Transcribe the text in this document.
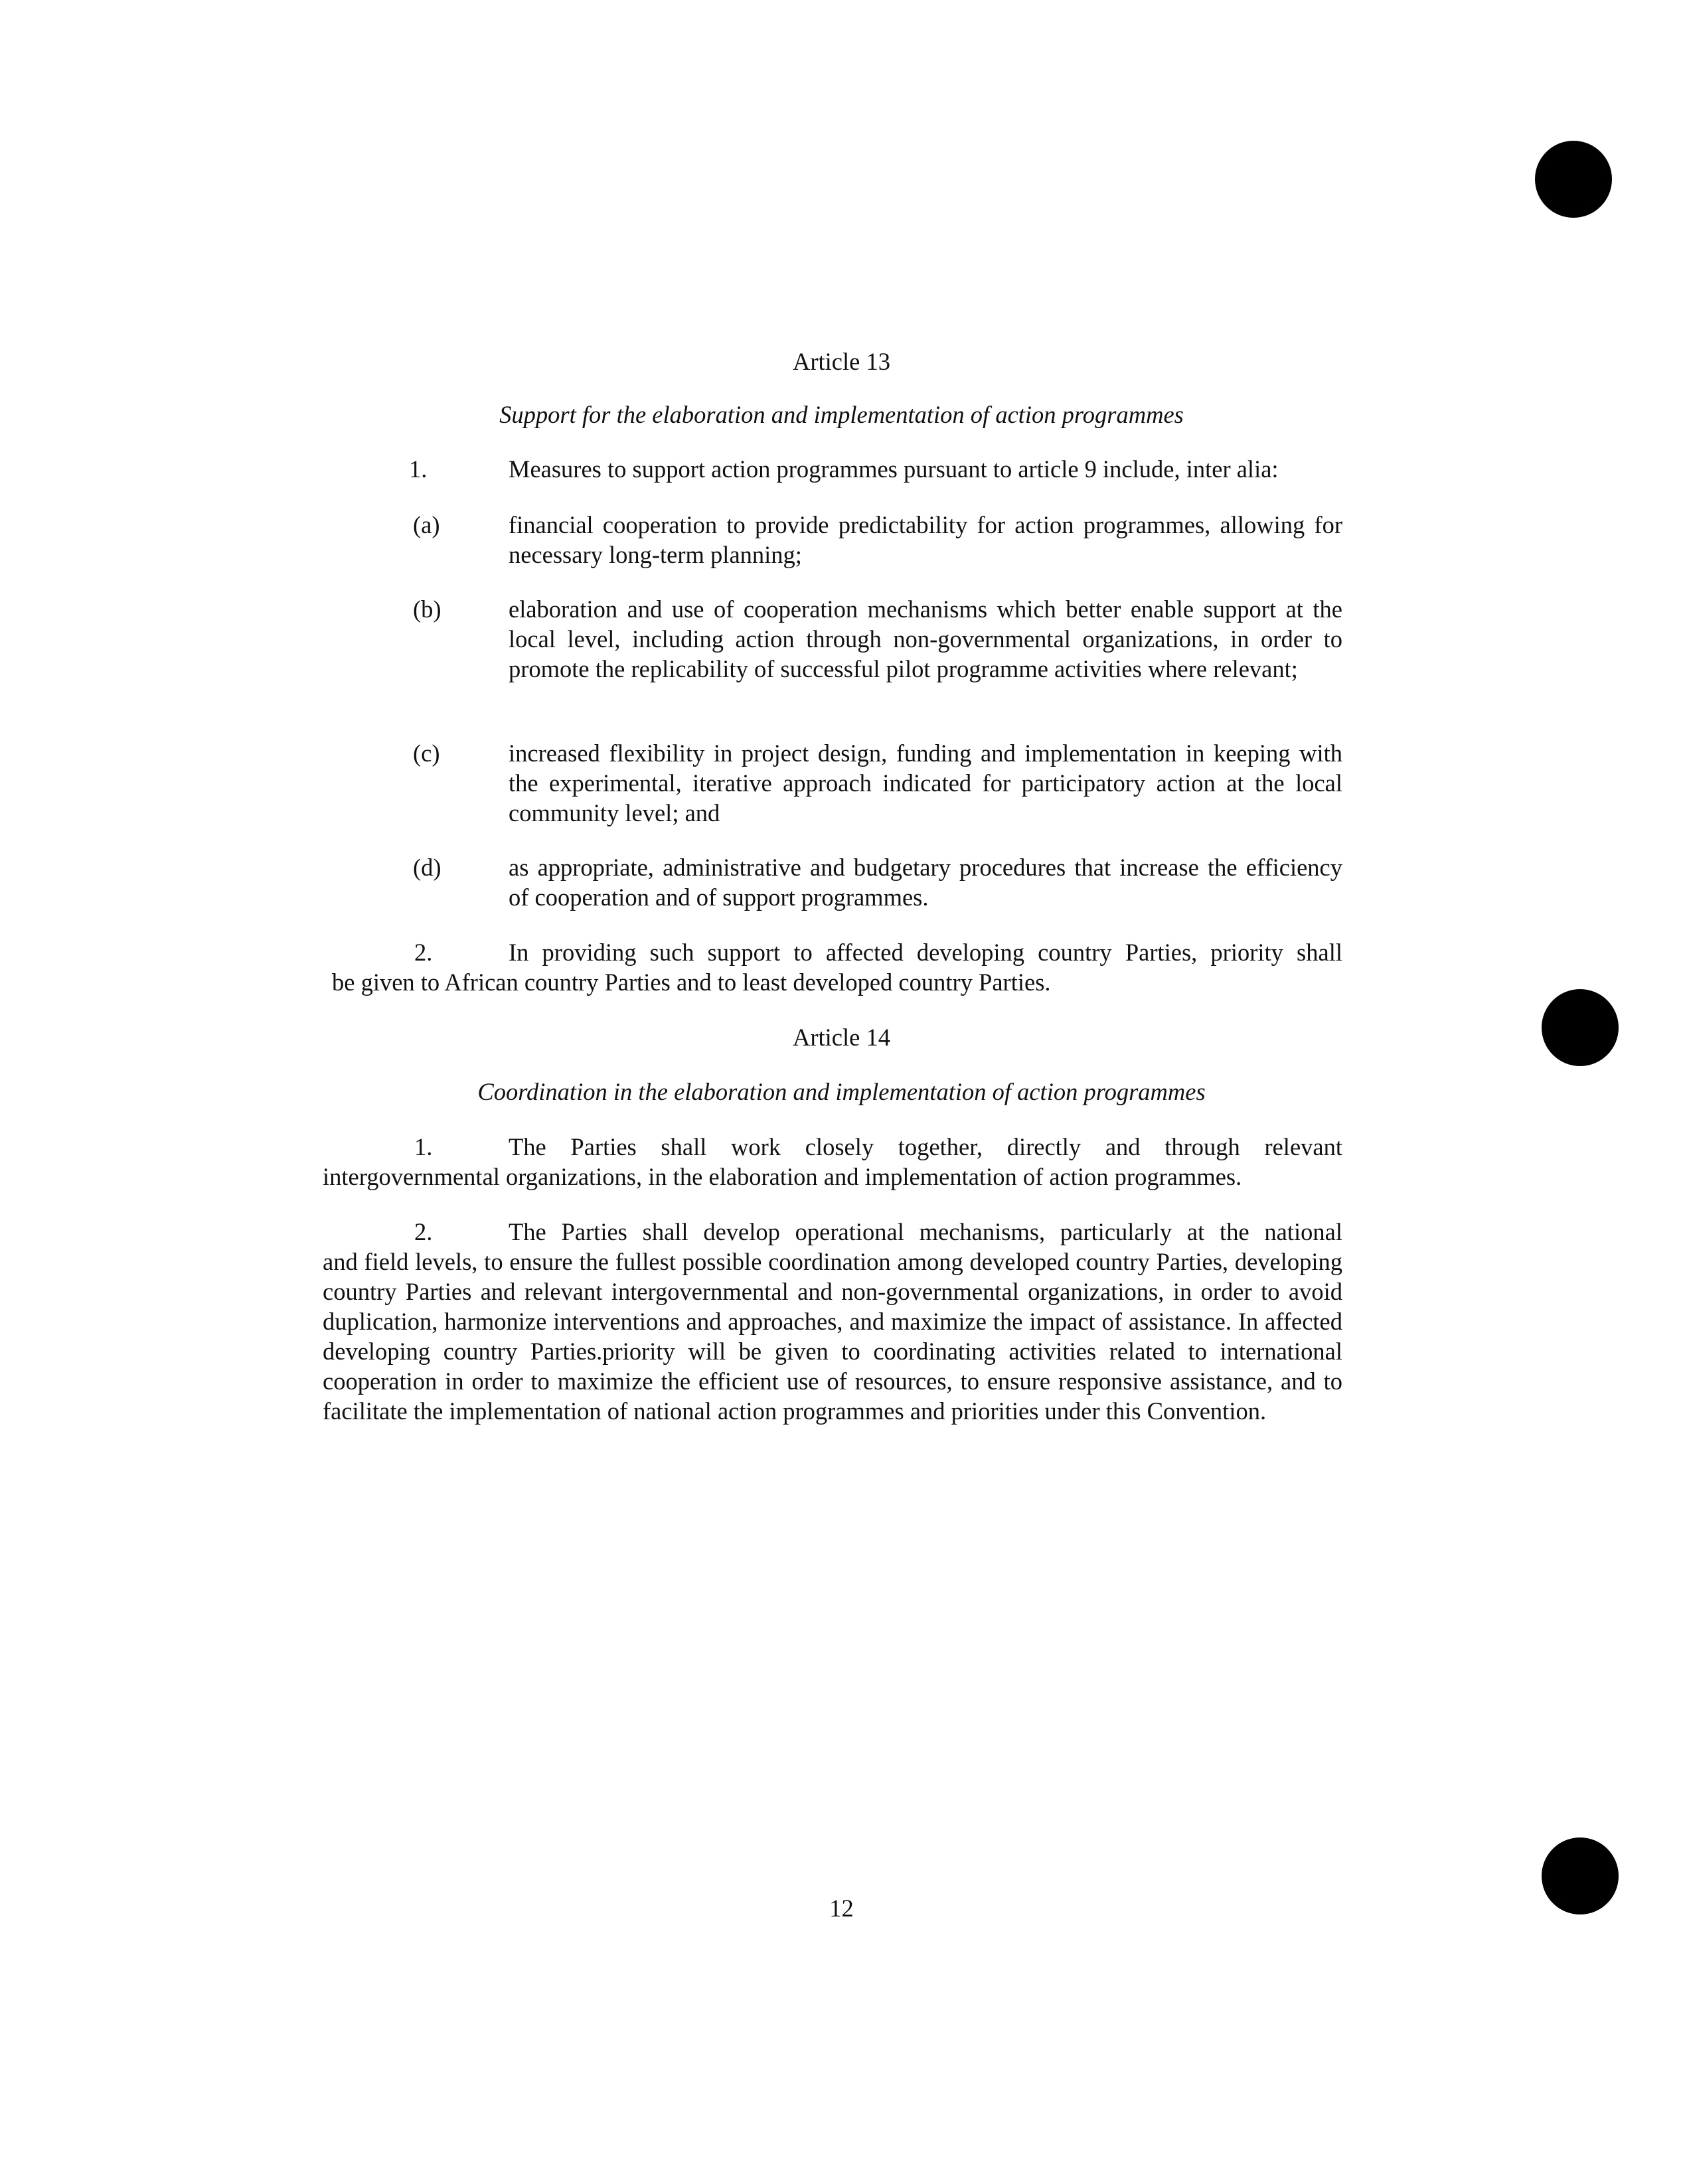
Article 13
Support for the elaboration and implementation of action programmes
1.	Measures to support action programmes pursuant to article 9 include, inter alia:
(a)	financial cooperation to provide predictability for action programmes, allowing for necessary long-term planning;
(b)	elaboration and use of cooperation mechanisms which better enable support at the local level, including action through non-governmental organizations, in order to promote the replicability of successful pilot programme activities where relevant;
(c)	increased flexibility in project design, funding and implementation in keeping with the experimental, iterative approach indicated for participatory action at the local community level; and
(d)	as appropriate, administrative and budgetary procedures that increase the efficiency of cooperation and of support programmes.
2.	In providing such support to affected developing country Parties, priority shall
be given to African country Parties and to least developed country Parties.
Article 14
Coordination in the elaboration and implementation of action programmes
1.	The Parties shall work closely together, directly and through relevant
intergovernmental organizations, in the elaboration and implementation of action programmes.
2.	The Parties shall develop operational mechanisms, particularly at the national
and field levels, to ensure the fullest possible coordination among developed country Parties, developing country Parties and relevant intergovernmental and non-governmental organizations, in order to avoid duplication, harmonize interventions and approaches, and maximize the impact of assistance. In affected developing country Parties.priority will be given to coordinating activities related to international cooperation in order to maximize the efficient use of resources, to ensure responsive assistance, and to facilitate the implementation of national action programmes and priorities under this Convention.
12
